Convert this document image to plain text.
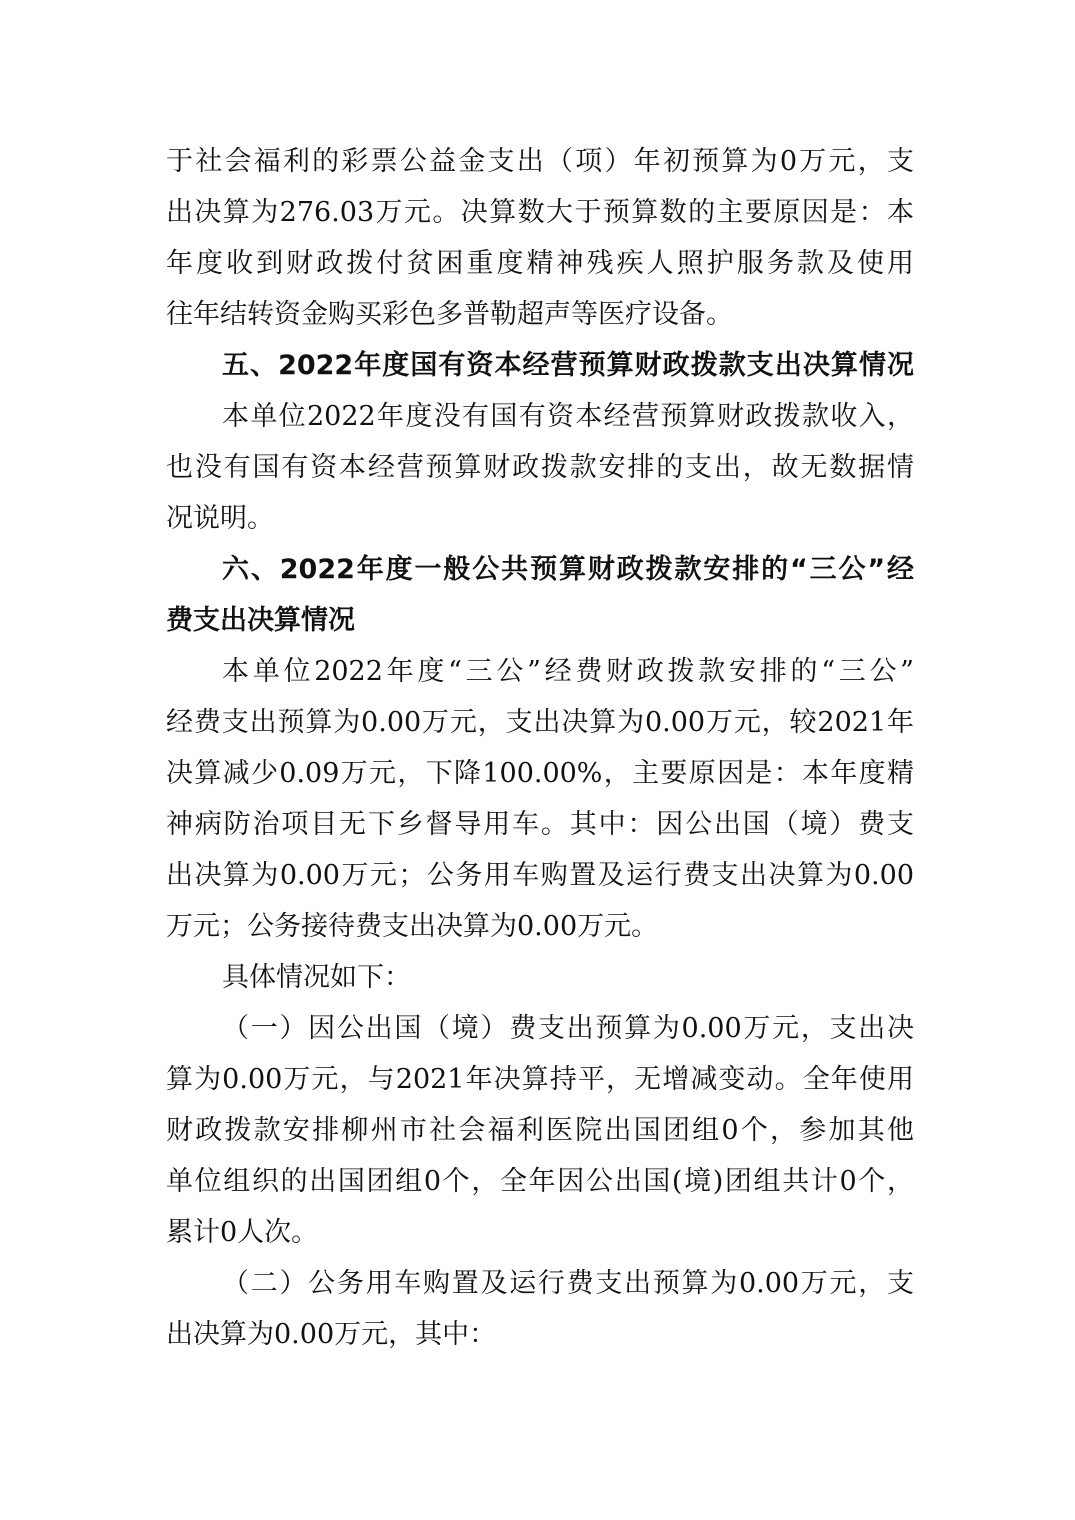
于社会福利的彩票公益金支出（项）年初预算为0万元，支
出决算为276.03万元。决算数大于预算数的主要原因是：本
年度收到财政拨付贫困重度精神残疾人照护服务款及使用
往年结转资金购买彩色多普勒超声等医疗设备。
五、2022年度国有资本经营预算财政拨款支出决算情况
本单位2022年度没有国有资本经营预算财政拨款收入，
也没有国有资本经营预算财政拨款安排的支出，故无数据情
况说明。
六、2022年度一般公共预算财政拨款安排的“三公”经
费支出决算情况
本单位2022年度“三公”经费财政拨款安排的“三公”
经费支出预算为0.00万元，支出决算为0.00万元，较2021年
决算减少0.09万元，下降100.00%，主要原因是：本年度精
神病防治项目无下乡督导用车。其中：因公出国（境）费支
出决算为0.00万元；公务用车购置及运行费支出决算为0.00
万元；公务接待费支出决算为0.00万元。
具体情况如下：
（一）因公出国（境）费支出预算为0.00万元，支出决
算为0.00万元，与2021年决算持平，无增减变动。全年使用
财政拨款安排柳州市社会福利医院出国团组0个，参加其他
单位组织的出国团组0个，全年因公出国(境)团组共计0个，
累计0人次。
（二）公务用车购置及运行费支出预算为0.00万元，支
出决算为0.00万元，其中：
